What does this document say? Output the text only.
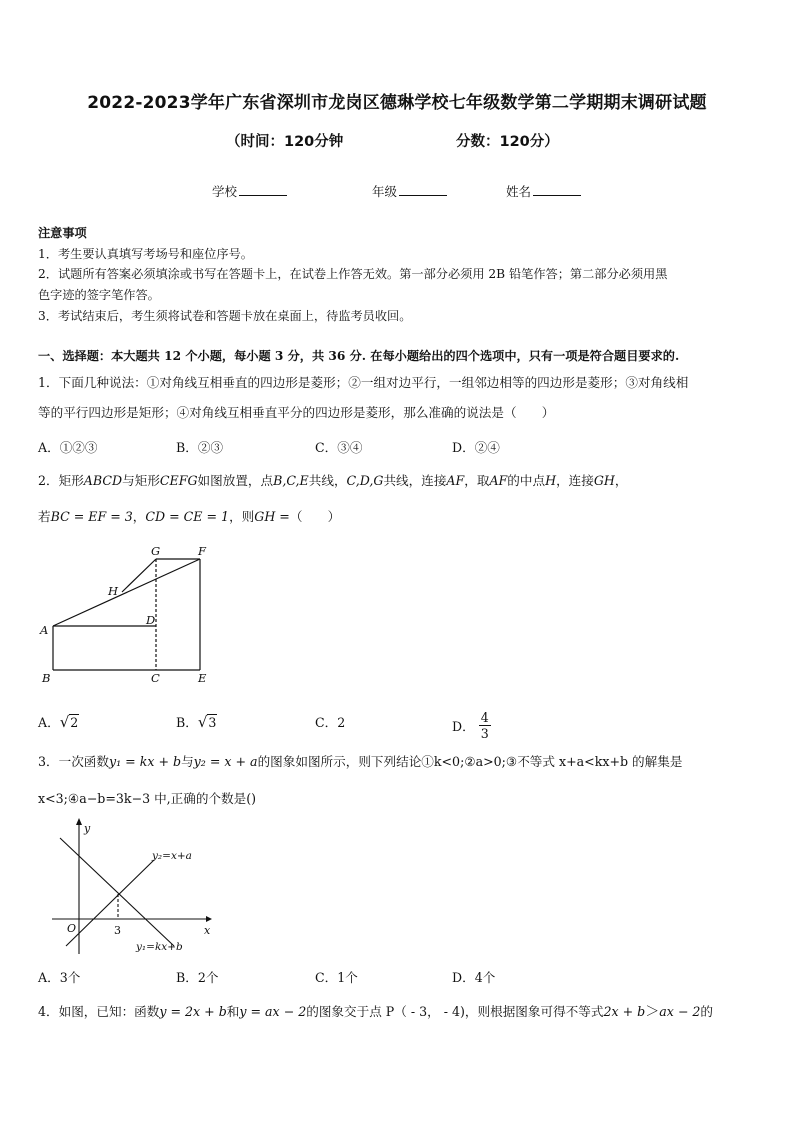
2022-2023学年广东省深圳市龙岗区德琳学校七年级数学第二学期期末调研试题
（时间：120分钟	分数：120分）
学校	年级	姓名
注意事项
1．考生要认真填写考场号和座位序号。
2．试题所有答案必须填涂或书写在答题卡上，在试卷上作答无效。第一部分必须用 2B 铅笔作答；第二部分必须用黑
色字迹的签字笔作答。
3．考试结束后，考生须将试卷和答题卡放在桌面上，待监考员收回。
一、选择题：本大题共 12 个小题，每小题 3 分，共 36 分. 在每小题给出的四个选项中，只有一项是符合题目要求的.
1．下面几种说法：①对角线互相垂直的四边形是菱形；②一组对边平行，一组邻边相等的四边形是菱形；③对角线相
等的平行四边形是矩形；④对角线互相垂直平分的四边形是菱形，那么准确的说法是（　　）
A．①②③	B．②③	C．③④	D．②④
2．矩形ABCD与矩形CEFG如图放置，点B,C,E共线，C,D,G共线，连接AF，取AF的中点H，连接GH，
若BC = EF = 3，CD = CE = 1，则GH =（　　）
G	F
H
D
A
B	C	E
A．√2	B．√3	C．2	D． $\frac{4}{3}$
3．一次函数y₁ = kx + b与y₂ = x + a的图象如图所示，则下列结论①k<0;②a>0;③不等式 x+a<kx+b 的解集是
x<3;④a−b=3k−3 中,正确的个数是()
y
x
O	3
y₂=x+a
y₁=kx+b
A．3个	B．2个	C．1个	D．4个
4．如图，已知：函数y = 2x + b和y = ax − 2的图象交于点 P（ - 3， - 4)，则根据图象可得不等式2x + b＞ax − 2的
